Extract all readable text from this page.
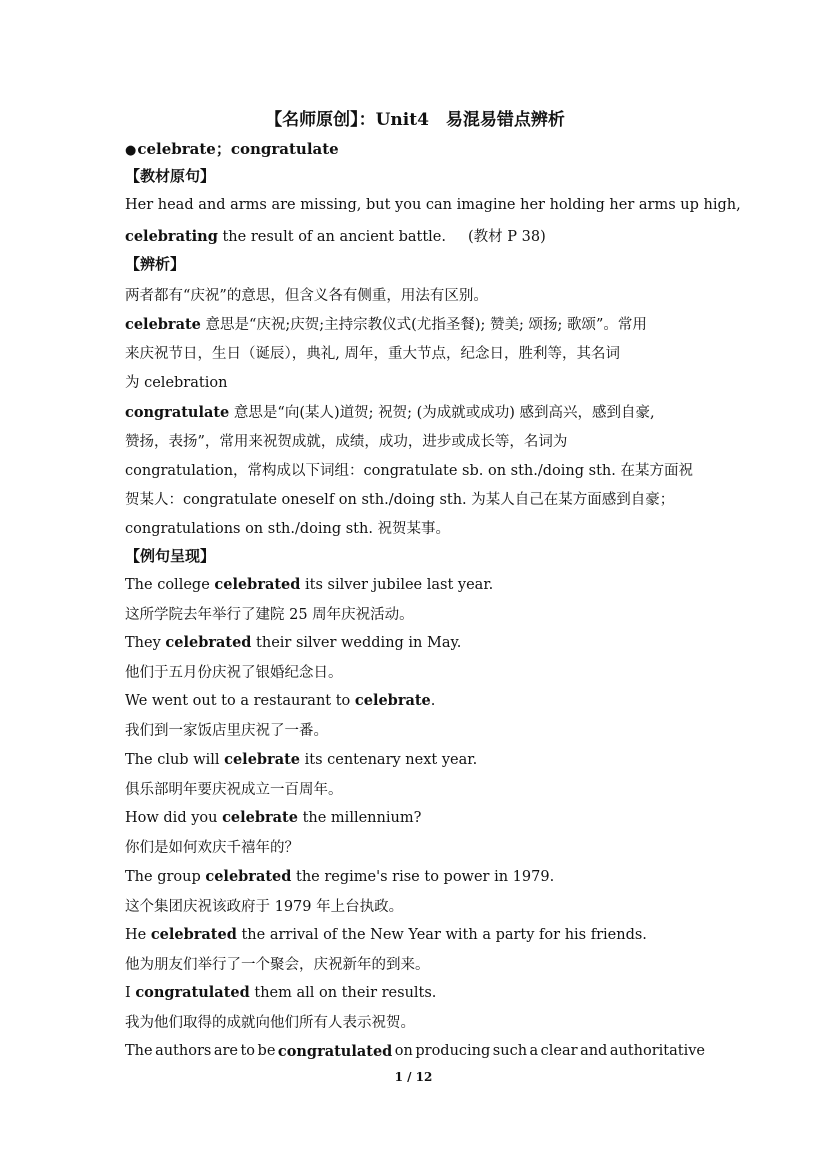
【名师原创】：Unit4　易混易错点辨析
●celebrate；congratulate
【教材原句】
Her head and arms are missing, but you can imagine her holding her arms up high,
celebrating the result of an ancient battle. (教材 P 38)
【辨析】
两者都有“庆祝”的意思，但含义各有侧重，用法有区别。
celebrate 意思是“庆祝;庆贺;主持宗教仪式(尤指圣餐); 赞美; 颂扬; 歌颂”。常用
来庆祝节日，生日（诞辰），典礼, 周年，重大节点，纪念日，胜利等，其名词
为 celebration
congratulate 意思是“向(某人)道贺; 祝贺; (为成就或成功) 感到高兴，感到自豪,
赞扬，表扬”，常用来祝贺成就，成绩，成功，进步或成长等，名词为
congratulation，常构成以下词组：congratulate sb. on sth./doing sth. 在某方面祝
贺某人：congratulate oneself on sth./doing sth. 为某人自己在某方面感到自豪；
congratulations on sth./doing sth. 祝贺某事。
【例句呈现】
The college celebrated its silver jubilee last year.
这所学院去年举行了建院 25 周年庆祝活动。
They celebrated their silver wedding in May.
他们于五月份庆祝了银婚纪念日。
We went out to a restaurant to celebrate.
我们到一家饭店里庆祝了一番。
The club will celebrate its centenary next year.
俱乐部明年要庆祝成立一百周年。
How did you celebrate the millennium?
你们是如何欢庆千禧年的？
The group celebrated the regime's rise to power in 1979.
这个集团庆祝该政府于 1979 年上台执政。
He celebrated the arrival of the New Year with a party for his friends.
他为朋友们举行了一个聚会，庆祝新年的到来。
I congratulated them all on their results.
我为他们取得的成就向他们所有人表示祝贺。
The authors are to be congratulated on producing such a clear and authoritative
1 / 12
